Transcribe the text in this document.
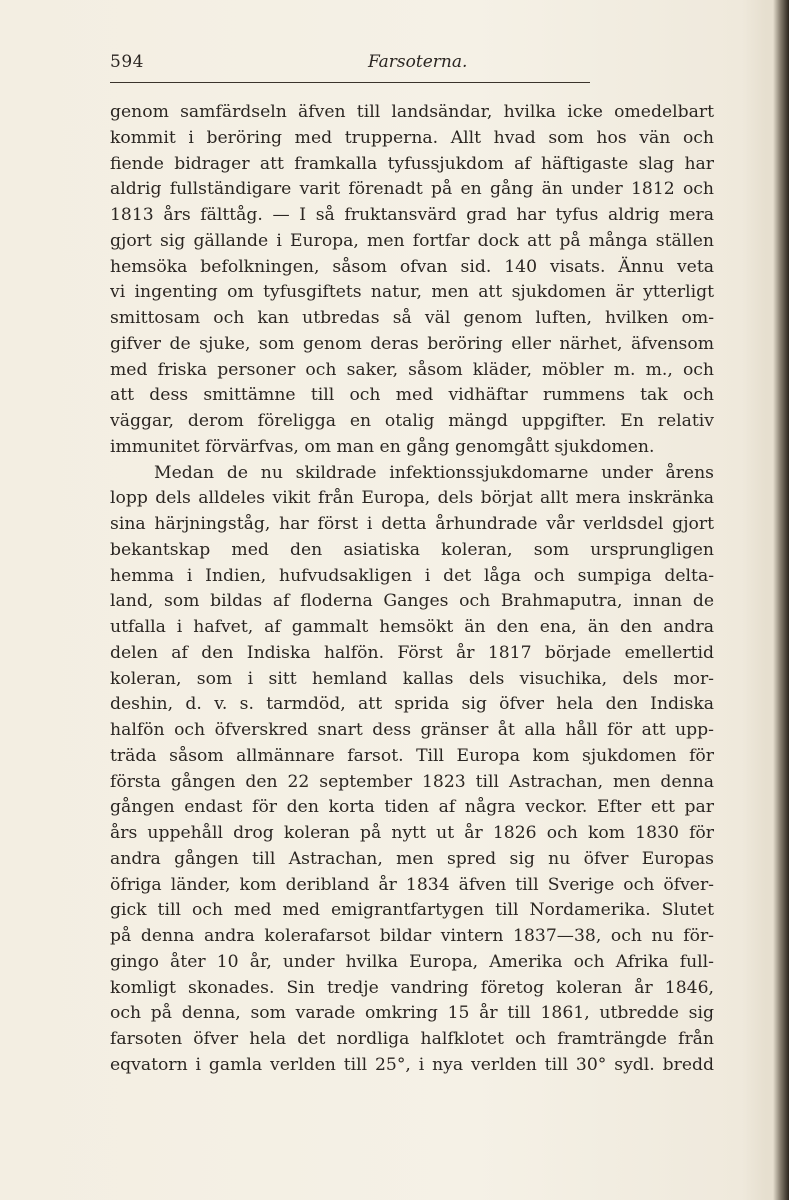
594	Farsoterna.
genom samfärdseln äfven till landsändar, hvilka icke omedelbart
kommit i beröring med trupperna. Allt hvad som hos vän och
fiende bidrager att framkalla tyfussjukdom af häftigaste slag har
aldrig fullständigare varit förenadt på en gång än under 1812 och
1813 års fälttåg. — I så fruktansvärd grad har tyfus aldrig mera
gjort sig gällande i Europa, men fortfar dock att på många ställen
hemsöka befolkningen, såsom ofvan sid. 140 visats. Ännu veta
vi ingenting om tyfusgiftets natur, men att sjukdomen är ytterligt
smittosam och kan utbredas så väl genom luften, hvilken om-
gifver de sjuke, som genom deras beröring eller närhet, äfvensom
med friska personer och saker, såsom kläder, möbler m. m., och
att dess smittämne till och med vidhäftar rummens tak och
väggar, derom föreligga en otalig mängd uppgifter. En relativ
immunitet förvärfvas, om man en gång genomgått sjukdomen.
Medan de nu skildrade infektionssjukdomarne under årens
lopp dels alldeles vikit från Europa, dels börjat allt mera inskränka
sina härjningståg, har först i detta århundrade vår verldsdel gjort
bekantskap med den asiatiska koleran, som ursprungligen
hemma i Indien, hufvudsakligen i det låga och sumpiga delta-
land, som bildas af floderna Ganges och Brahmaputra, innan de
utfalla i hafvet, af gammalt hemsökt än den ena, än den andra
delen af den Indiska halfön. Först år 1817 började emellertid
koleran, som i sitt hemland kallas dels visuchika, dels mor-
deshin, d. v. s. tarmdöd, att sprida sig öfver hela den Indiska
halfön och öfverskred snart dess gränser åt alla håll för att upp-
träda såsom allmännare farsot. Till Europa kom sjukdomen för
första gången den 22 september 1823 till Astrachan, men denna
gången endast för den korta tiden af några veckor. Efter ett par
års uppehåll drog koleran på nytt ut år 1826 och kom 1830 för
andra gången till Astrachan, men spred sig nu öfver Europas
öfriga länder, kom deribland år 1834 äfven till Sverige och öfver-
gick till och med med emigrantfartygen till Nordamerika. Slutet
på denna andra kolerafarsot bildar vintern 1837—38, och nu för-
gingo åter 10 år, under hvilka Europa, Amerika och Afrika full-
komligt skonades. Sin tredje vandring företog koleran år 1846,
och på denna, som varade omkring 15 år till 1861, utbredde sig
farsoten öfver hela det nordliga halfklotet och framträngde från
eqvatorn i gamla verlden till 25°, i nya verlden till 30° sydl. bredd
